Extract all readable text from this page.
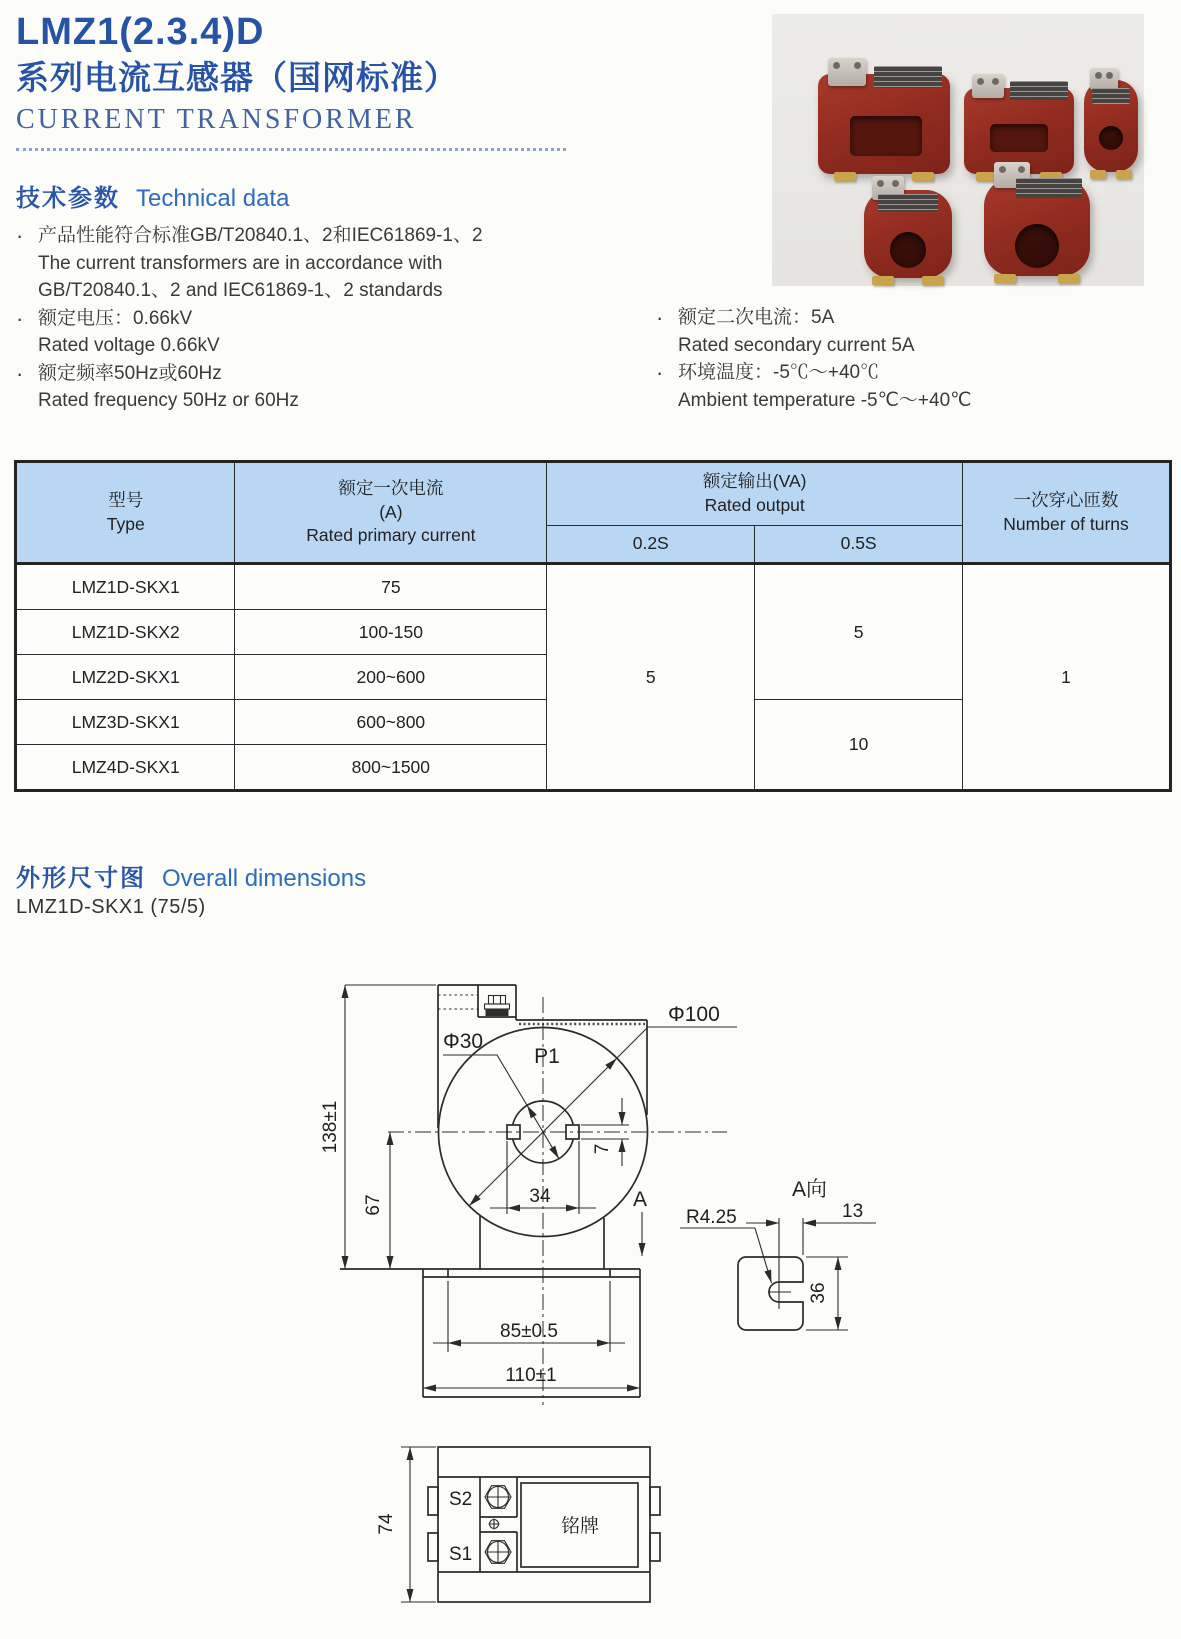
LMZ1(2.3.4)D
系列电流互感器（国网标准）
CURRENT TRANSFORMER
技术参数 Technical data
· 产品性能符合标准GB/T20840.1、2和IEC61869-1、2
The current transformers are in accordance with
GB/T20840.1、2 and IEC61869-1、2 standards
· 额定电压：0.66kV
Rated voltage 0.66kV
· 额定频率50Hz或60Hz
Rated frequency 50Hz or 60Hz
· 额定二次电流：5A
Rated secondary current 5A
· 环境温度：-5℃～+40℃
Ambient temperature -5℃～+40℃
型号
Type

额定一次电流
(A)
Rated primary current

额定输出(VA)
Rated output	一次穿心匝数
Number of turns

		0.2S	0.5S	
LMZ1D-SKX1	75	5	5	1
LMZ1D-SKX2	100-150			
LMZ2D-SKX1	200~600			
LMZ3D-SKX1	600~800		10	
LMZ4D-SKX1	800~1500			
外形尺寸图 Overall dimensions
LMZ1D-SKX1 (75/5)
138±1
67
Φ100
Φ30
P1
34
7
A
85±0.5
110±1
A向
R4.25	13
36
铭牌
S2
S1
74
